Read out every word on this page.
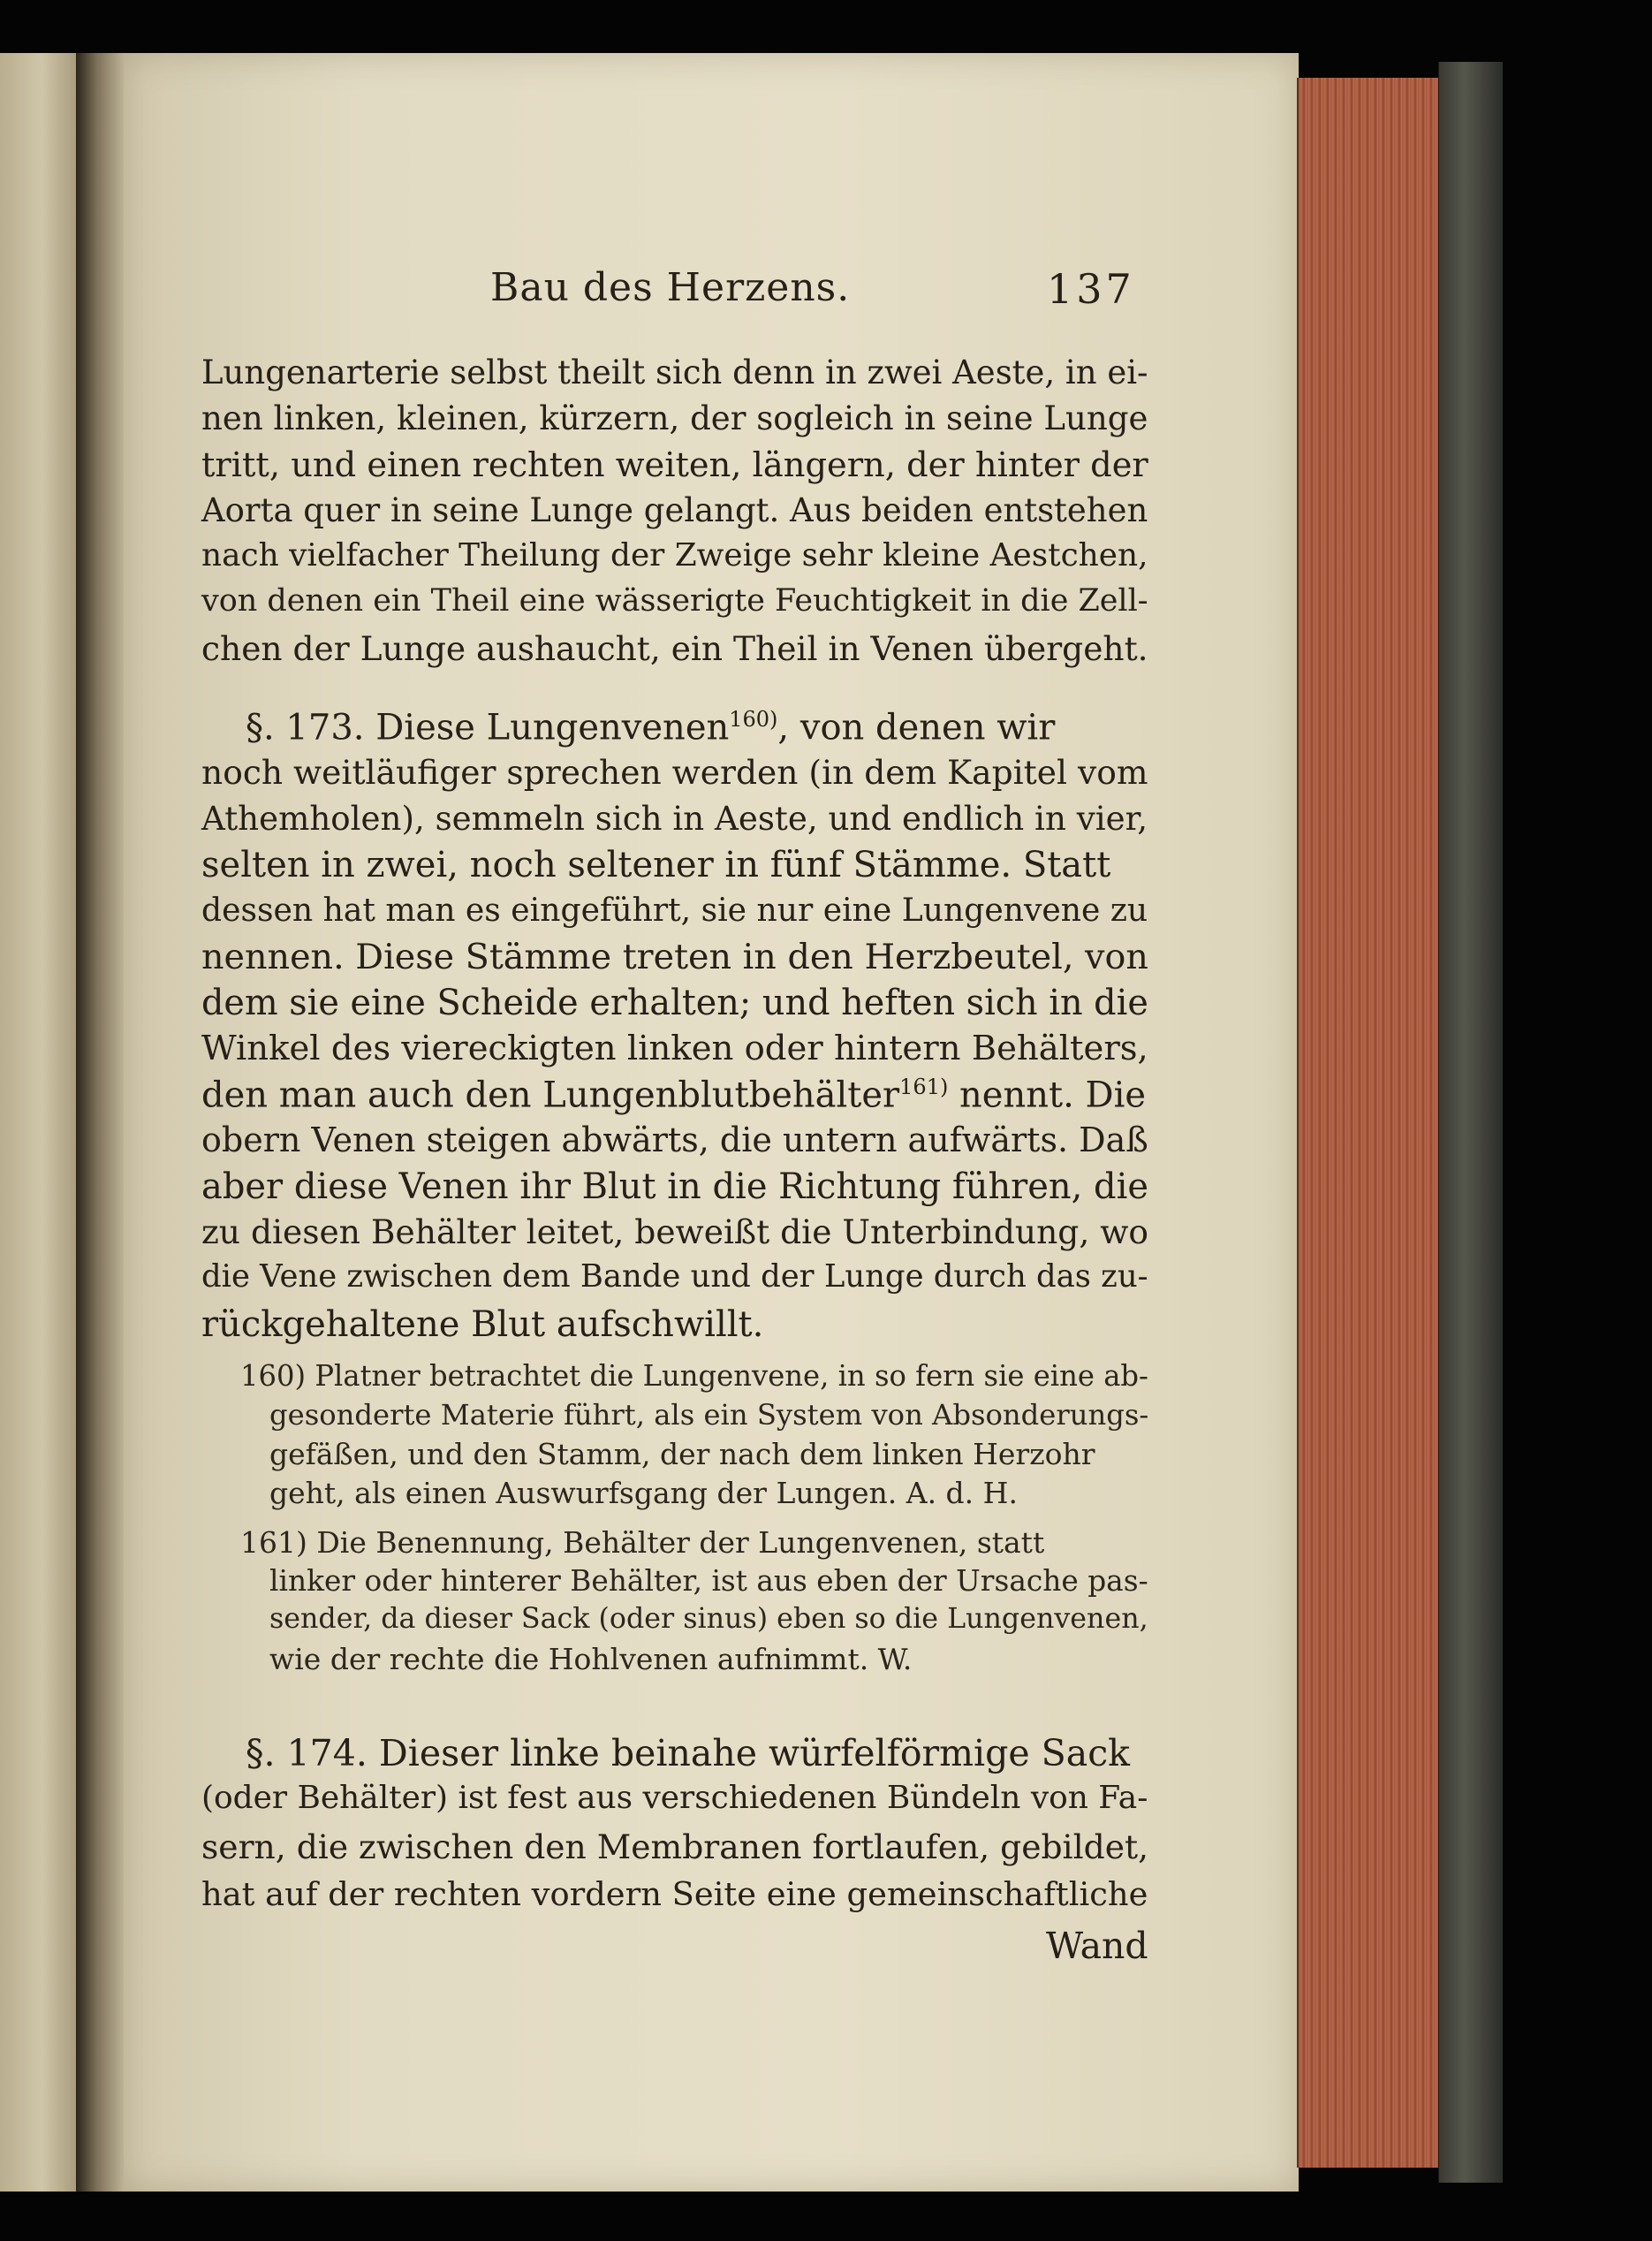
Bau des Herzens.	137
Lungenarterie selbst theilt sich denn in zwei Aeste, in ei-
nen linken, kleinen, kürzern, der sogleich in seine Lunge
tritt, und einen rechten weiten, längern, der hinter der
Aorta quer in seine Lunge gelangt. Aus beiden entstehen
nach vielfacher Theilung der Zweige sehr kleine Aestchen,
von denen ein Theil eine wässerigte Feuchtigkeit in die Zell-
chen der Lunge aushaucht, ein Theil in Venen übergeht.
§. 173. Diese Lungenvenen$^{160)}$, von denen wir
noch weitläufiger sprechen werden (in dem Kapitel vom
Athemholen), semmeln sich in Aeste, und endlich in vier,
selten in zwei, noch seltener in fünf Stämme. Statt
dessen hat man es eingeführt, sie nur eine Lungenvene zu
nennen. Diese Stämme treten in den Herzbeutel, von
dem sie eine Scheide erhalten; und heften sich in die
Winkel des viereckigten linken oder hintern Behälters,
den man auch den Lungenblutbehälter$^{161)}$ nennt. Die
obern Venen steigen abwärts, die untern aufwärts. Daß
aber diese Venen ihr Blut in die Richtung führen, die
zu diesen Behälter leitet, beweißt die Unterbindung, wo
die Vene zwischen dem Bande und der Lunge durch das zu-
rückgehaltene Blut aufschwillt.
160) Platner betrachtet die Lungenvene, in so fern sie eine ab-
gesonderte Materie führt, als ein System von Absonderungs-
gefäßen, und den Stamm, der nach dem linken Herzohr
geht, als einen Auswurfsgang der Lungen. A. d. H.
161) Die Benennung, Behälter der Lungenvenen, statt
linker oder hinterer Behälter, ist aus eben der Ursache pas-
sender, da dieser Sack (oder sinus) eben so die Lungenvenen,
wie der rechte die Hohlvenen aufnimmt. W.
§. 174. Dieser linke beinahe würfelförmige Sack
(oder Behälter) ist fest aus verschiedenen Bündeln von Fa-
sern, die zwischen den Membranen fortlaufen, gebildet,
hat auf der rechten vordern Seite eine gemeinschaftliche
Wand
